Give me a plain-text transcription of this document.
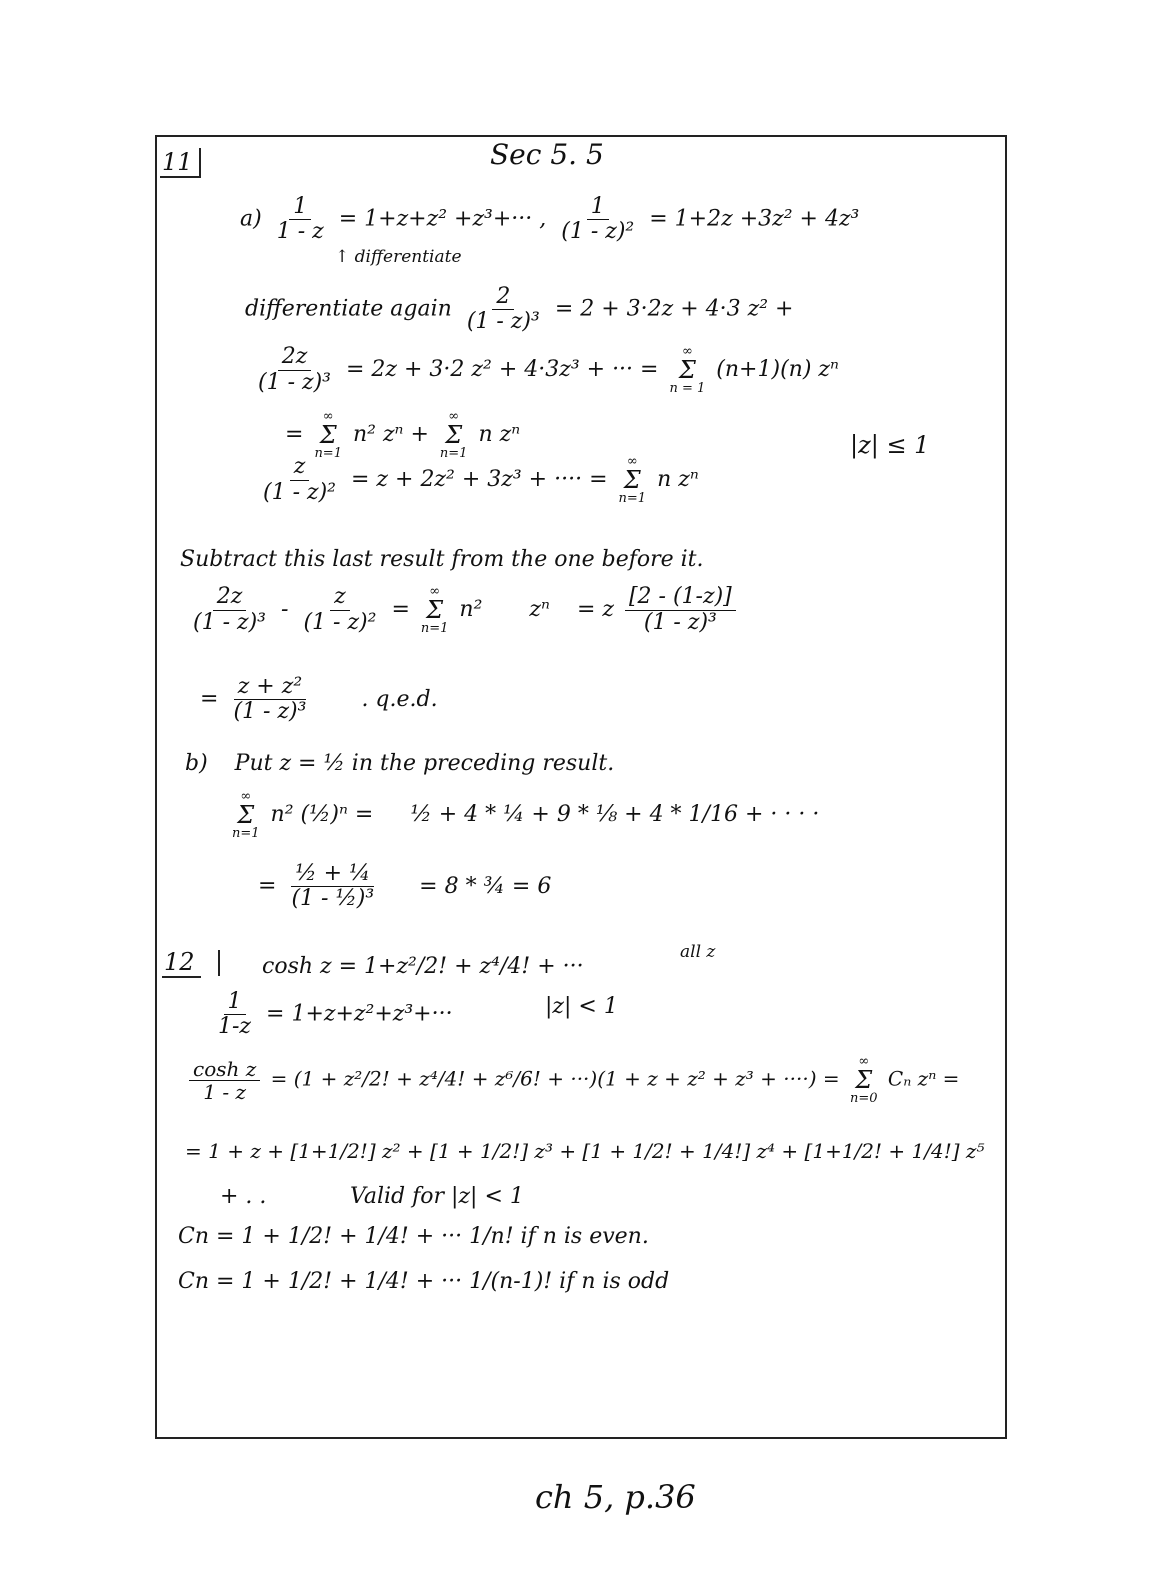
Sec 5. 5
11
$a) \frac{1}{1 - z} = 1+z+z^2 +z^3+\cdot\cdot\cdot$ , $\frac{1}{\text{(1 - z)²}} = 1+2z +3z^2 + 4z^3$
↑ differentiate
differentiate again $\frac{2}{\text{(1 - z)³}} = 2 + 3\cdot 2z + 4\cdot 3$ z² +
$\frac{2z}{\text{(1 - z)³}} = 2z + 3\cdot 2$ z² + 4·3z³ + ··· =
∞
Σ
n = 1
(n+1)(n) zⁿ
=
∞
Σ
n=1
n² zⁿ +
∞
Σ
n=1
n zⁿ
$\frac{z}{\text{(1 - z)²}} = z + 2z^2 + 3z^3$ + ···· =
∞
Σ
n=1
n zⁿ
|z| ≤ 1
Subtract this last result from the one before it.
$\frac{2z}{\text{(1 - z)³}} - \frac{z}{\text{(1 - z)²}}$ =
∞
Σ
n=1
n² zⁿ = z $\frac{[2 - (1-z)]}{\text{(1 - z)³}}$
= $\frac{\text{z + z²}}{\text{(1 - z)³}}$ . q.e.d.
b) Put z = ½ in the preceding result.
∞
Σ
n=1
n² (½)ⁿ = ½ + 4 * ¼ + 9 * ⅛ + 4 * 1/16 + · · · ·
= $\frac{\text{½ + ¼}}{\text{(1 - ½)³}} = 8$ * ¾ = 6
12	cosh z = 1+z²/2! + z⁴/4! + ···
all z
$\frac{1}{1-z} = 1+z+z^2+z^3+\cdot\cdot\cdot$	|z| < 1
$\frac{\text{cosh z}}{1 - z} = (1 + z^2/2$! + z⁴/4! + z⁶/6! + ···)(1 + z + z² + z³ + ····) =
∞
Σ
n=0
Cₙ zⁿ =
= 1 + z + [1+1/2!] z² + [1 + 1/2!] z³ + [1 + 1/2! + 1/4!] z⁴ + [1+1/2! + 1/4!] z⁵
+ . .	Valid for |z| < 1
Cn = 1 + 1/2! + 1/4! + ··· 1/n! if n is even.
Cn = 1 + 1/2! + 1/4! + ··· 1/(n-1)! if n is odd
ch 5, p.36
